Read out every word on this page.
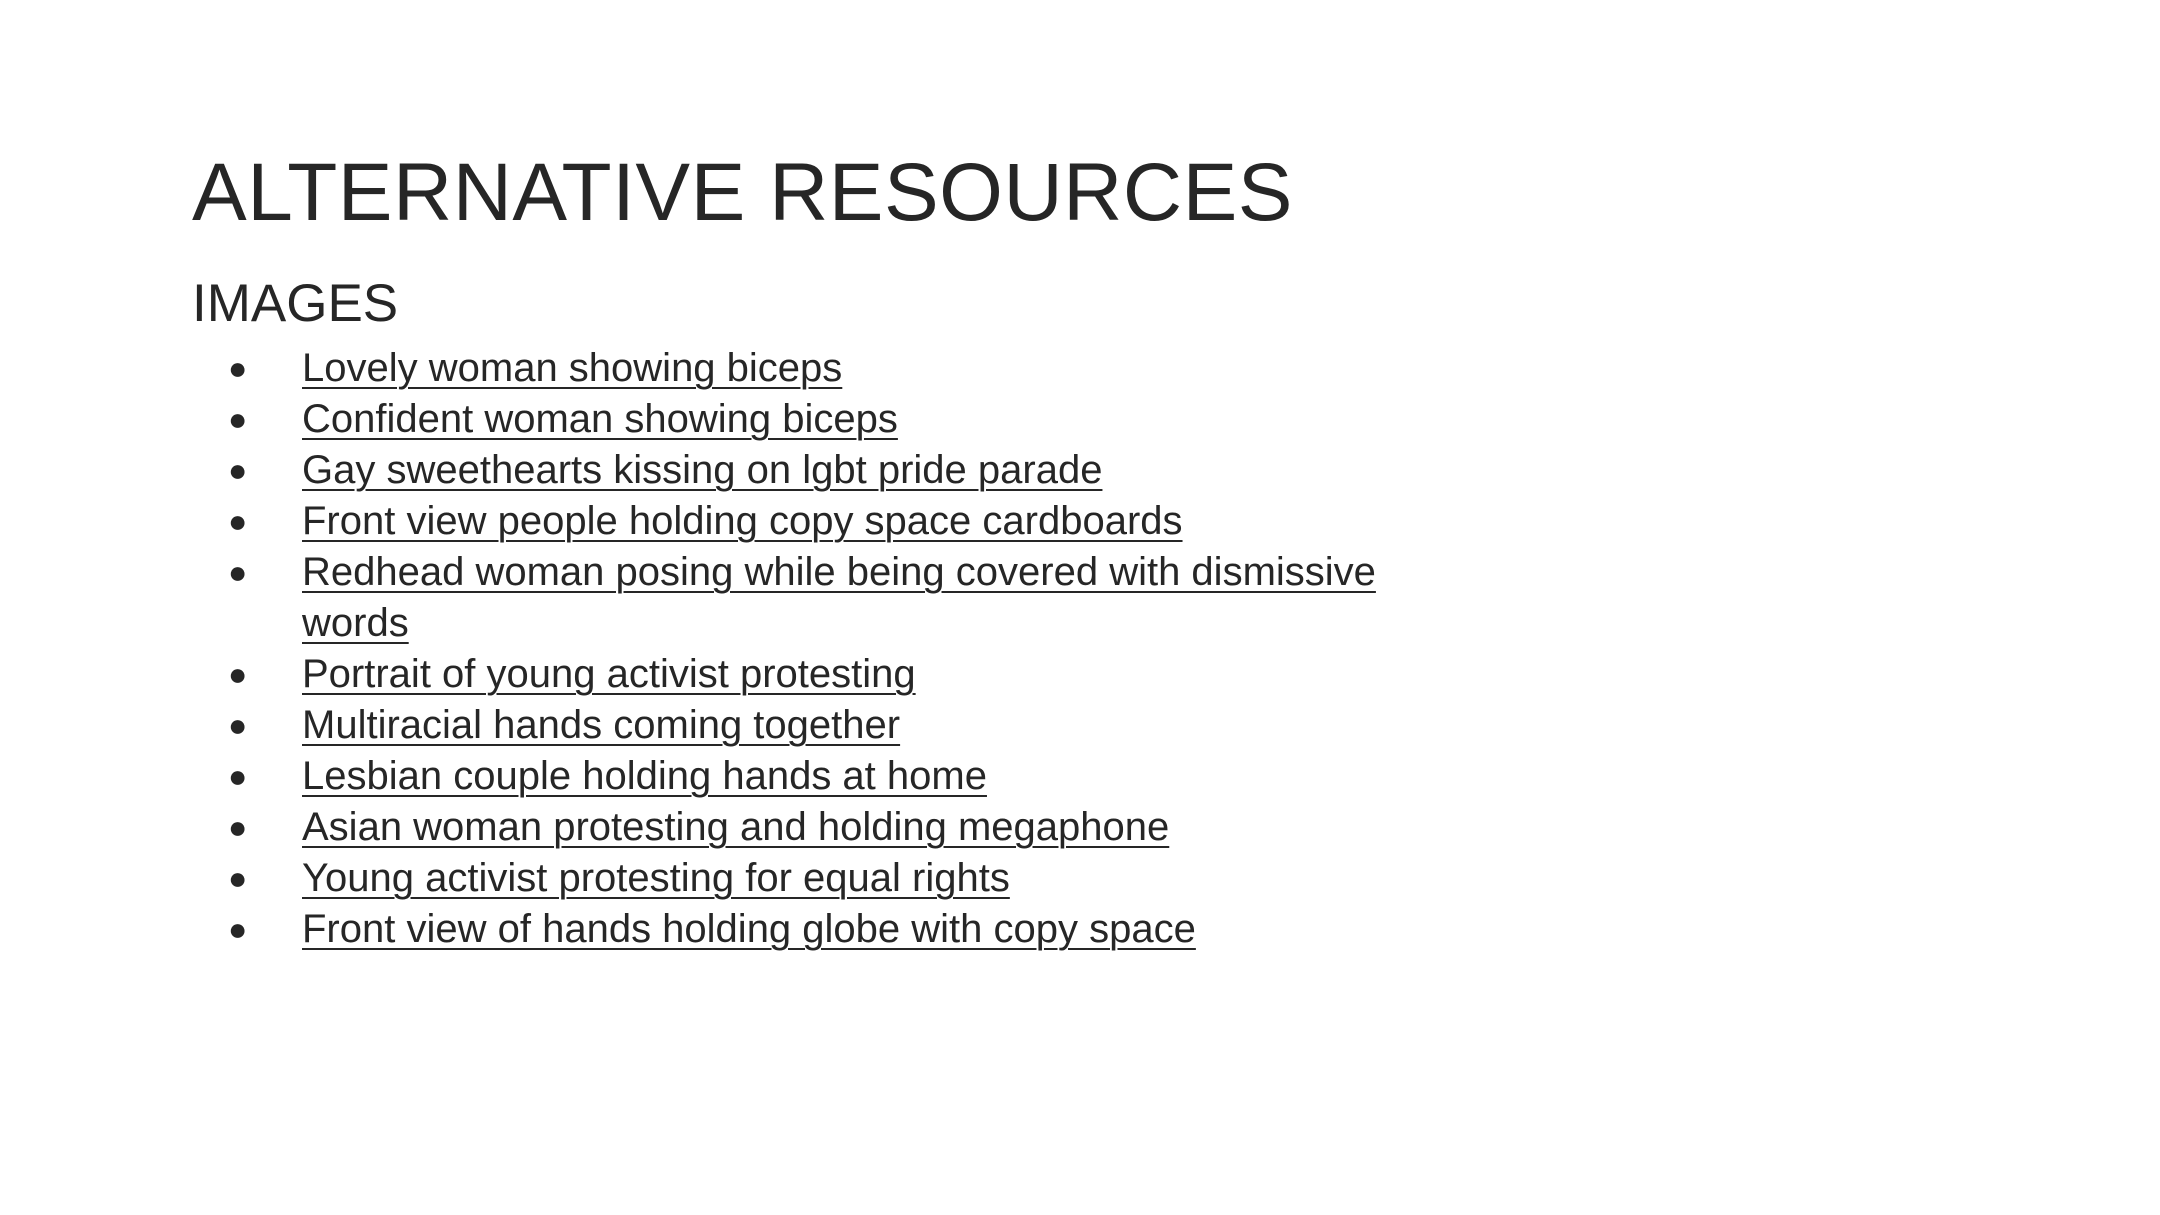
ALTERNATIVE RESOURCES
IMAGES
●	Lovely woman showing biceps
●	Confident woman showing biceps
●	Gay sweethearts kissing on lgbt pride parade
●	Front view people holding copy space cardboards
●	Redhead woman posing while being covered with dismissive words
●	Portrait of young activist protesting
●	Multiracial hands coming together
●	Lesbian couple holding hands at home
●	Asian woman protesting and holding megaphone
●	Young activist protesting for equal rights
●	Front view of hands holding globe with copy space
